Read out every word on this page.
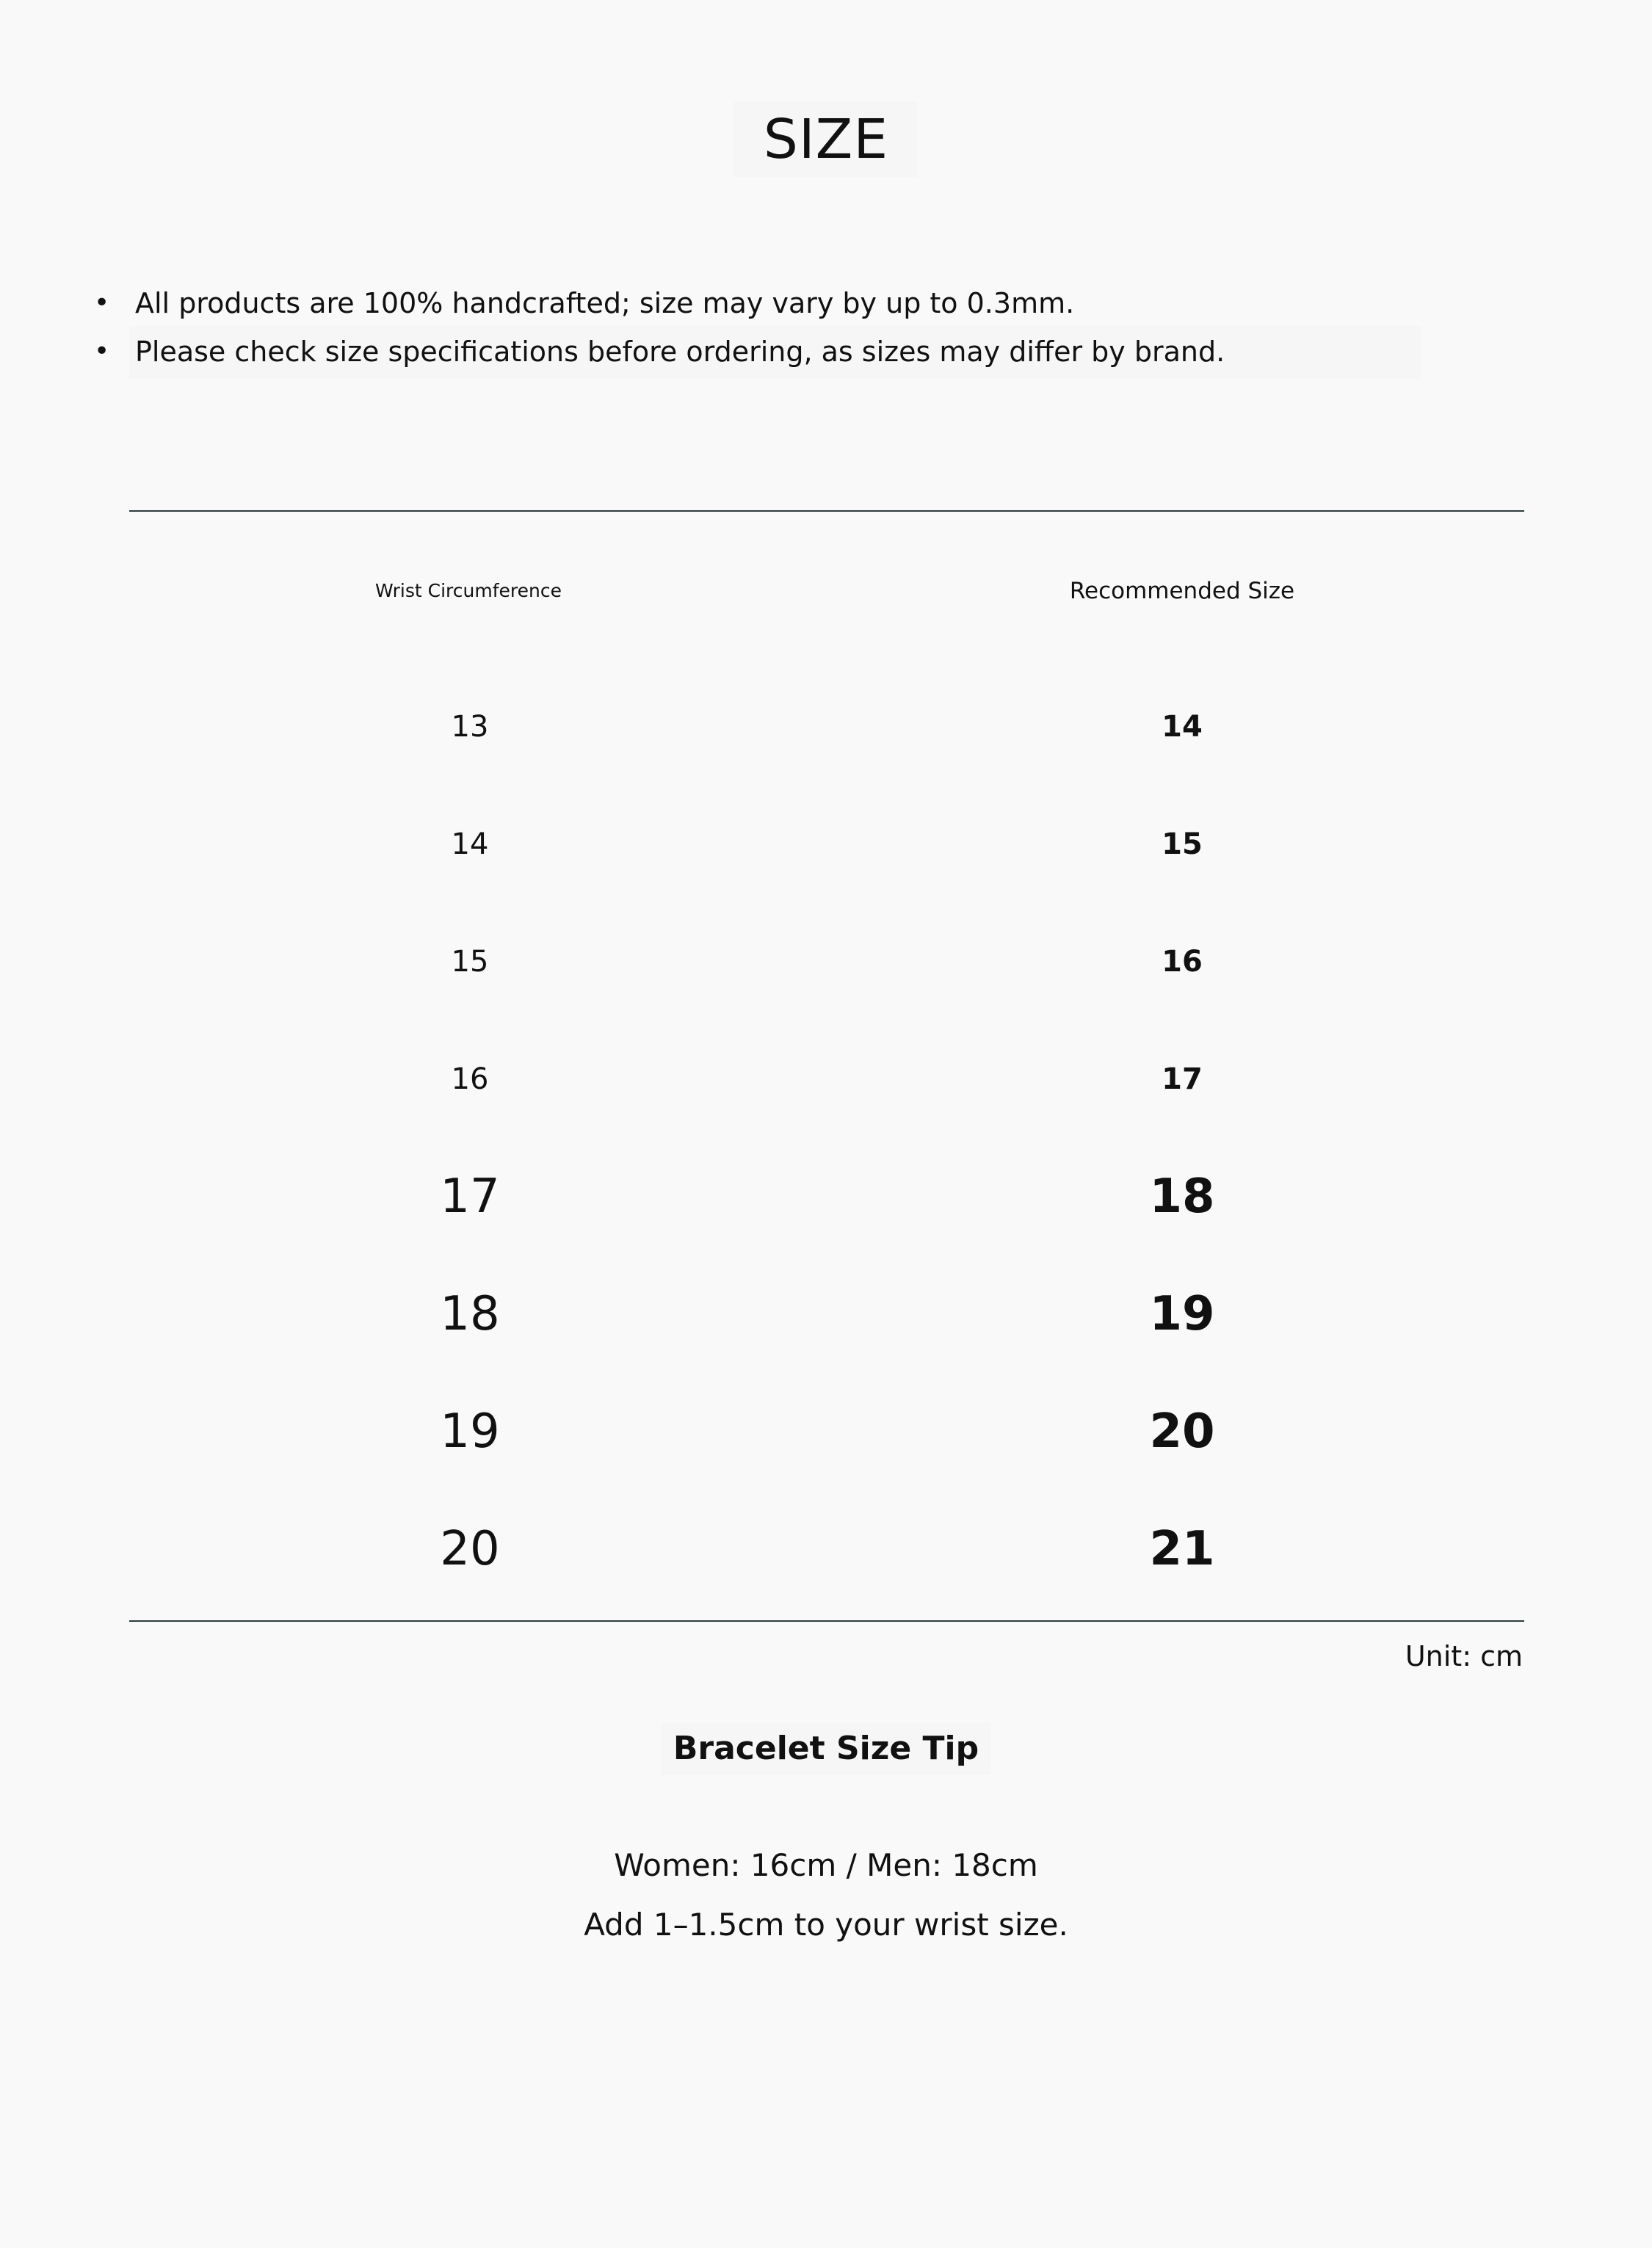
SIZE
• All products are 100% handcrafted; size may vary by up to 0.3mm.
• Please check size specifications before ordering, as sizes may differ by brand.
Wrist Circumference	Recommended Size
13	14
14	15
15	16
16	17
17	18
18	19
19	20
20	21
Unit: cm
Bracelet Size Tip
Women: 16cm / Men: 18cm
Add 1–1.5cm to your wrist size.
